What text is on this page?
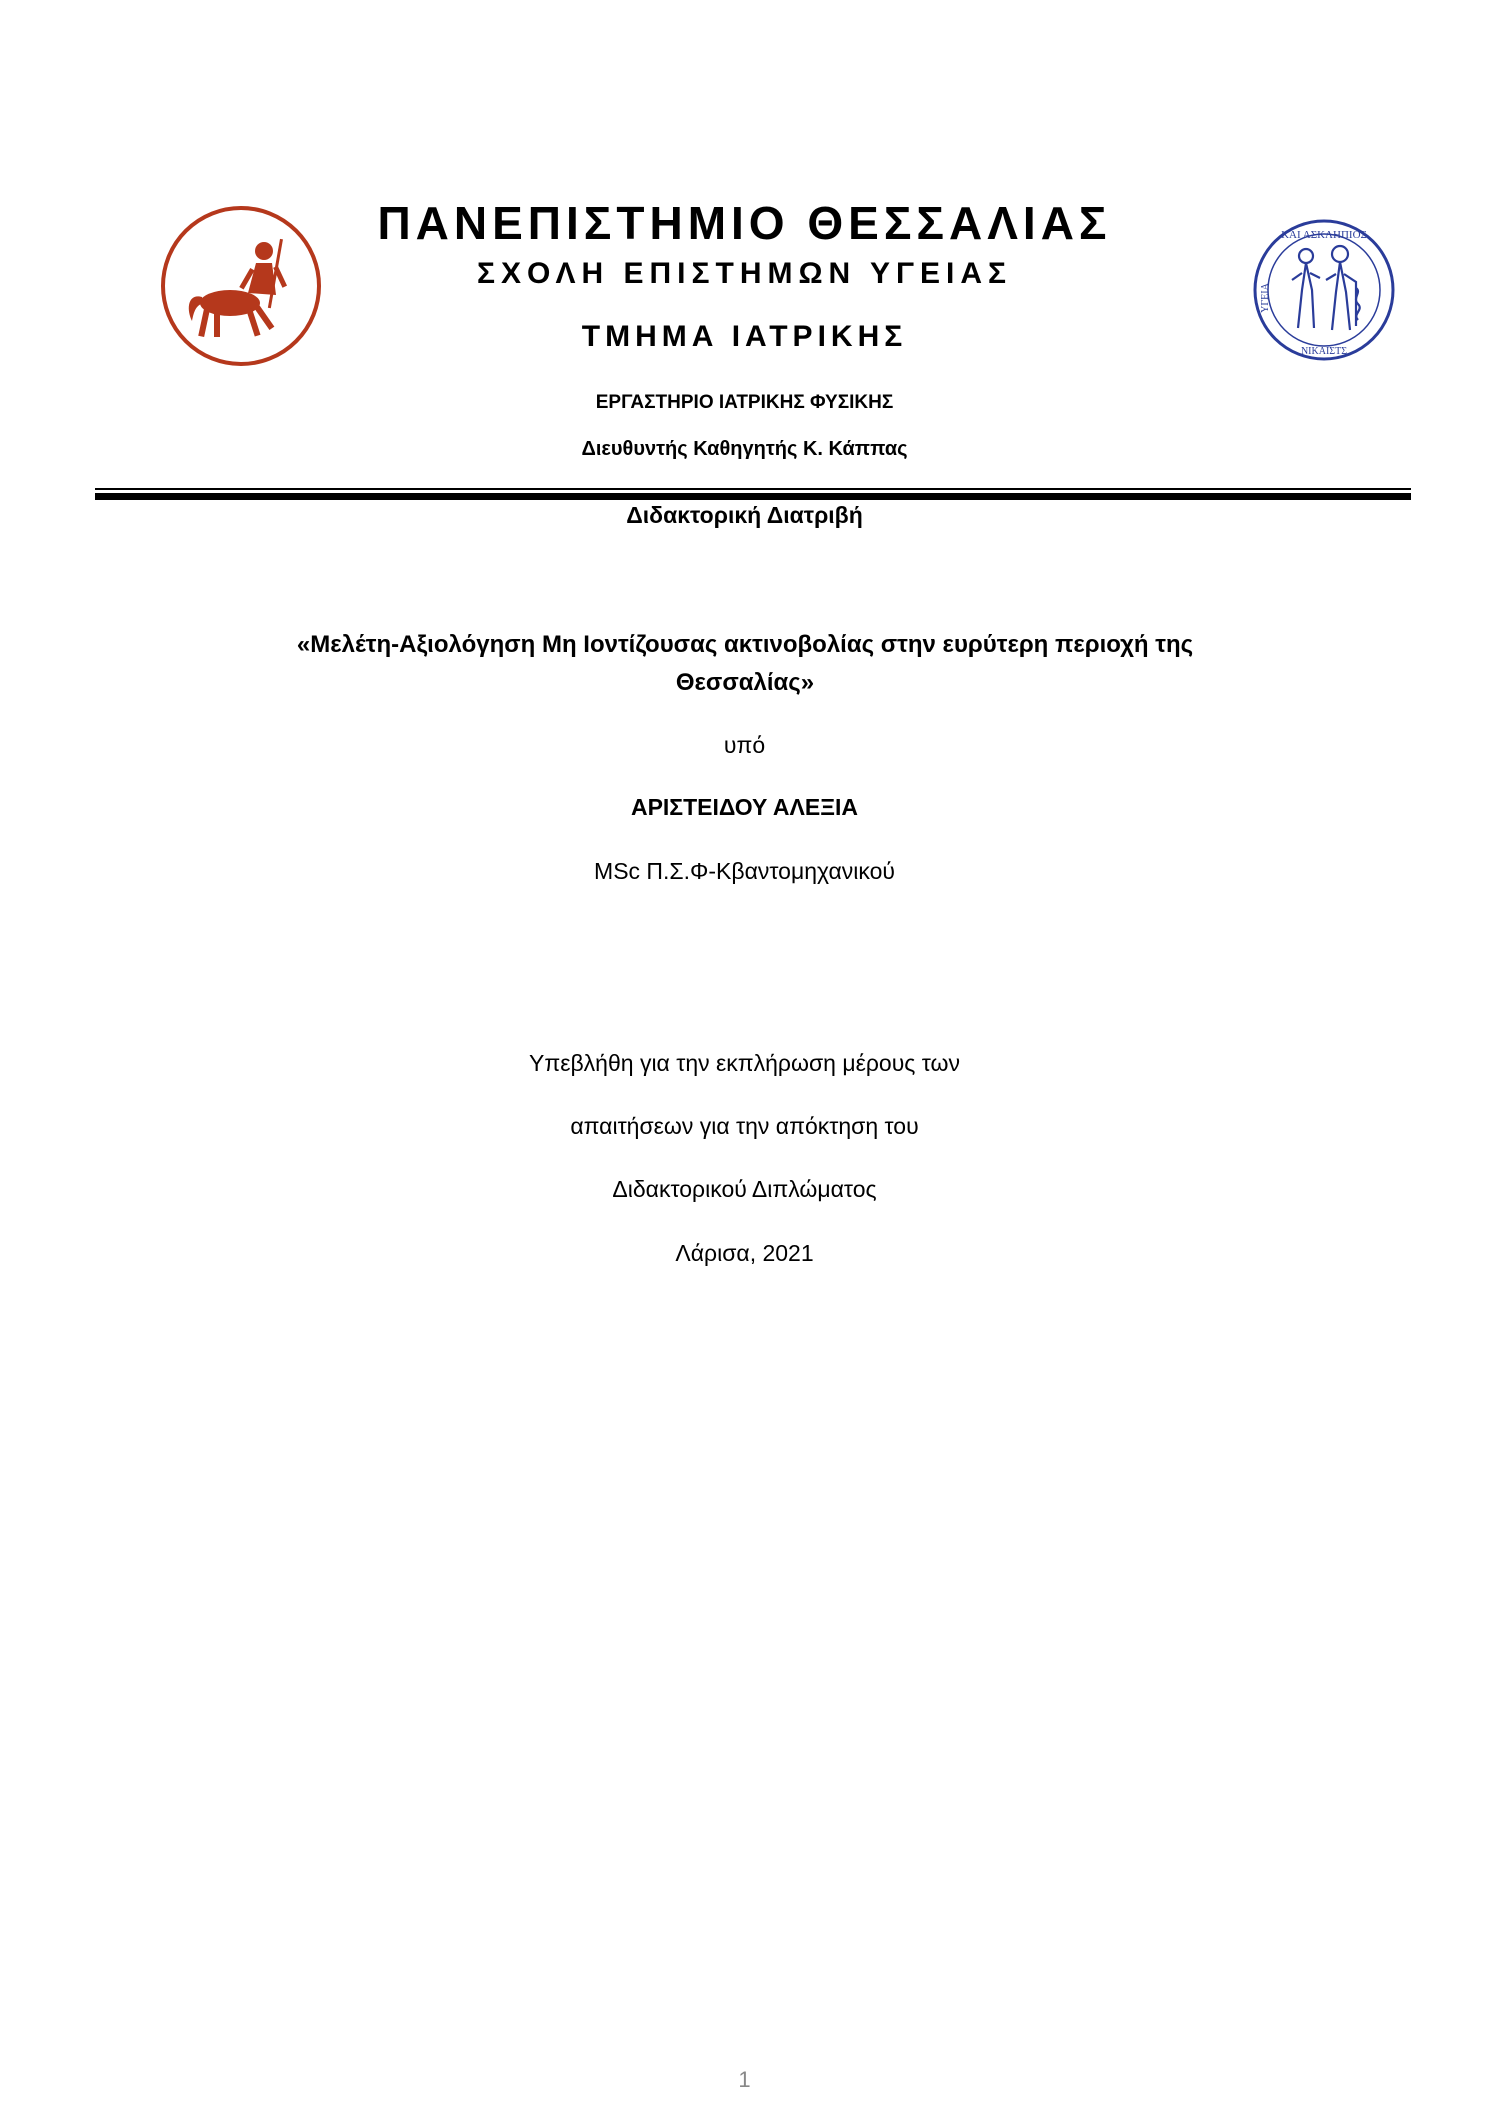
ΚΑΙ ΑΣΚΛΗΠΙΟΣ
ΥΓΕΙΑ
ΝΙΚΑΙΣΤΣ
ΠΑΝΕΠΙΣΤΗΜΙΟ ΘΕΣΣΑΛΙΑΣ
ΣΧΟΛΗ ΕΠΙΣΤΗΜΩΝ ΥΓΕΙΑΣ
ΤΜΗΜΑ ΙΑΤΡΙΚΗΣ
ΕΡΓΑΣΤΗΡΙΟ ΙΑΤΡΙΚΗΣ ΦΥΣΙΚΗΣ
Διευθυντής Καθηγητής Κ. Κάππας
Διδακτορική Διατριβή
«Μελέτη-Αξιολόγηση Μη Ιοντίζουσας ακτινοβολίας στην ευρύτερη περιοχή της Θεσσαλίας»
υπό
ΑΡΙΣΤΕΙΔΟΥ ΑΛΕΞΙΑ
MSc Π.Σ.Φ-Κβαντομηχανικού
Υπεβλήθη για την εκπλήρωση μέρους των
απαιτήσεων για την απόκτηση του
Διδακτορικού Διπλώματος
Λάρισα, 2021
1
